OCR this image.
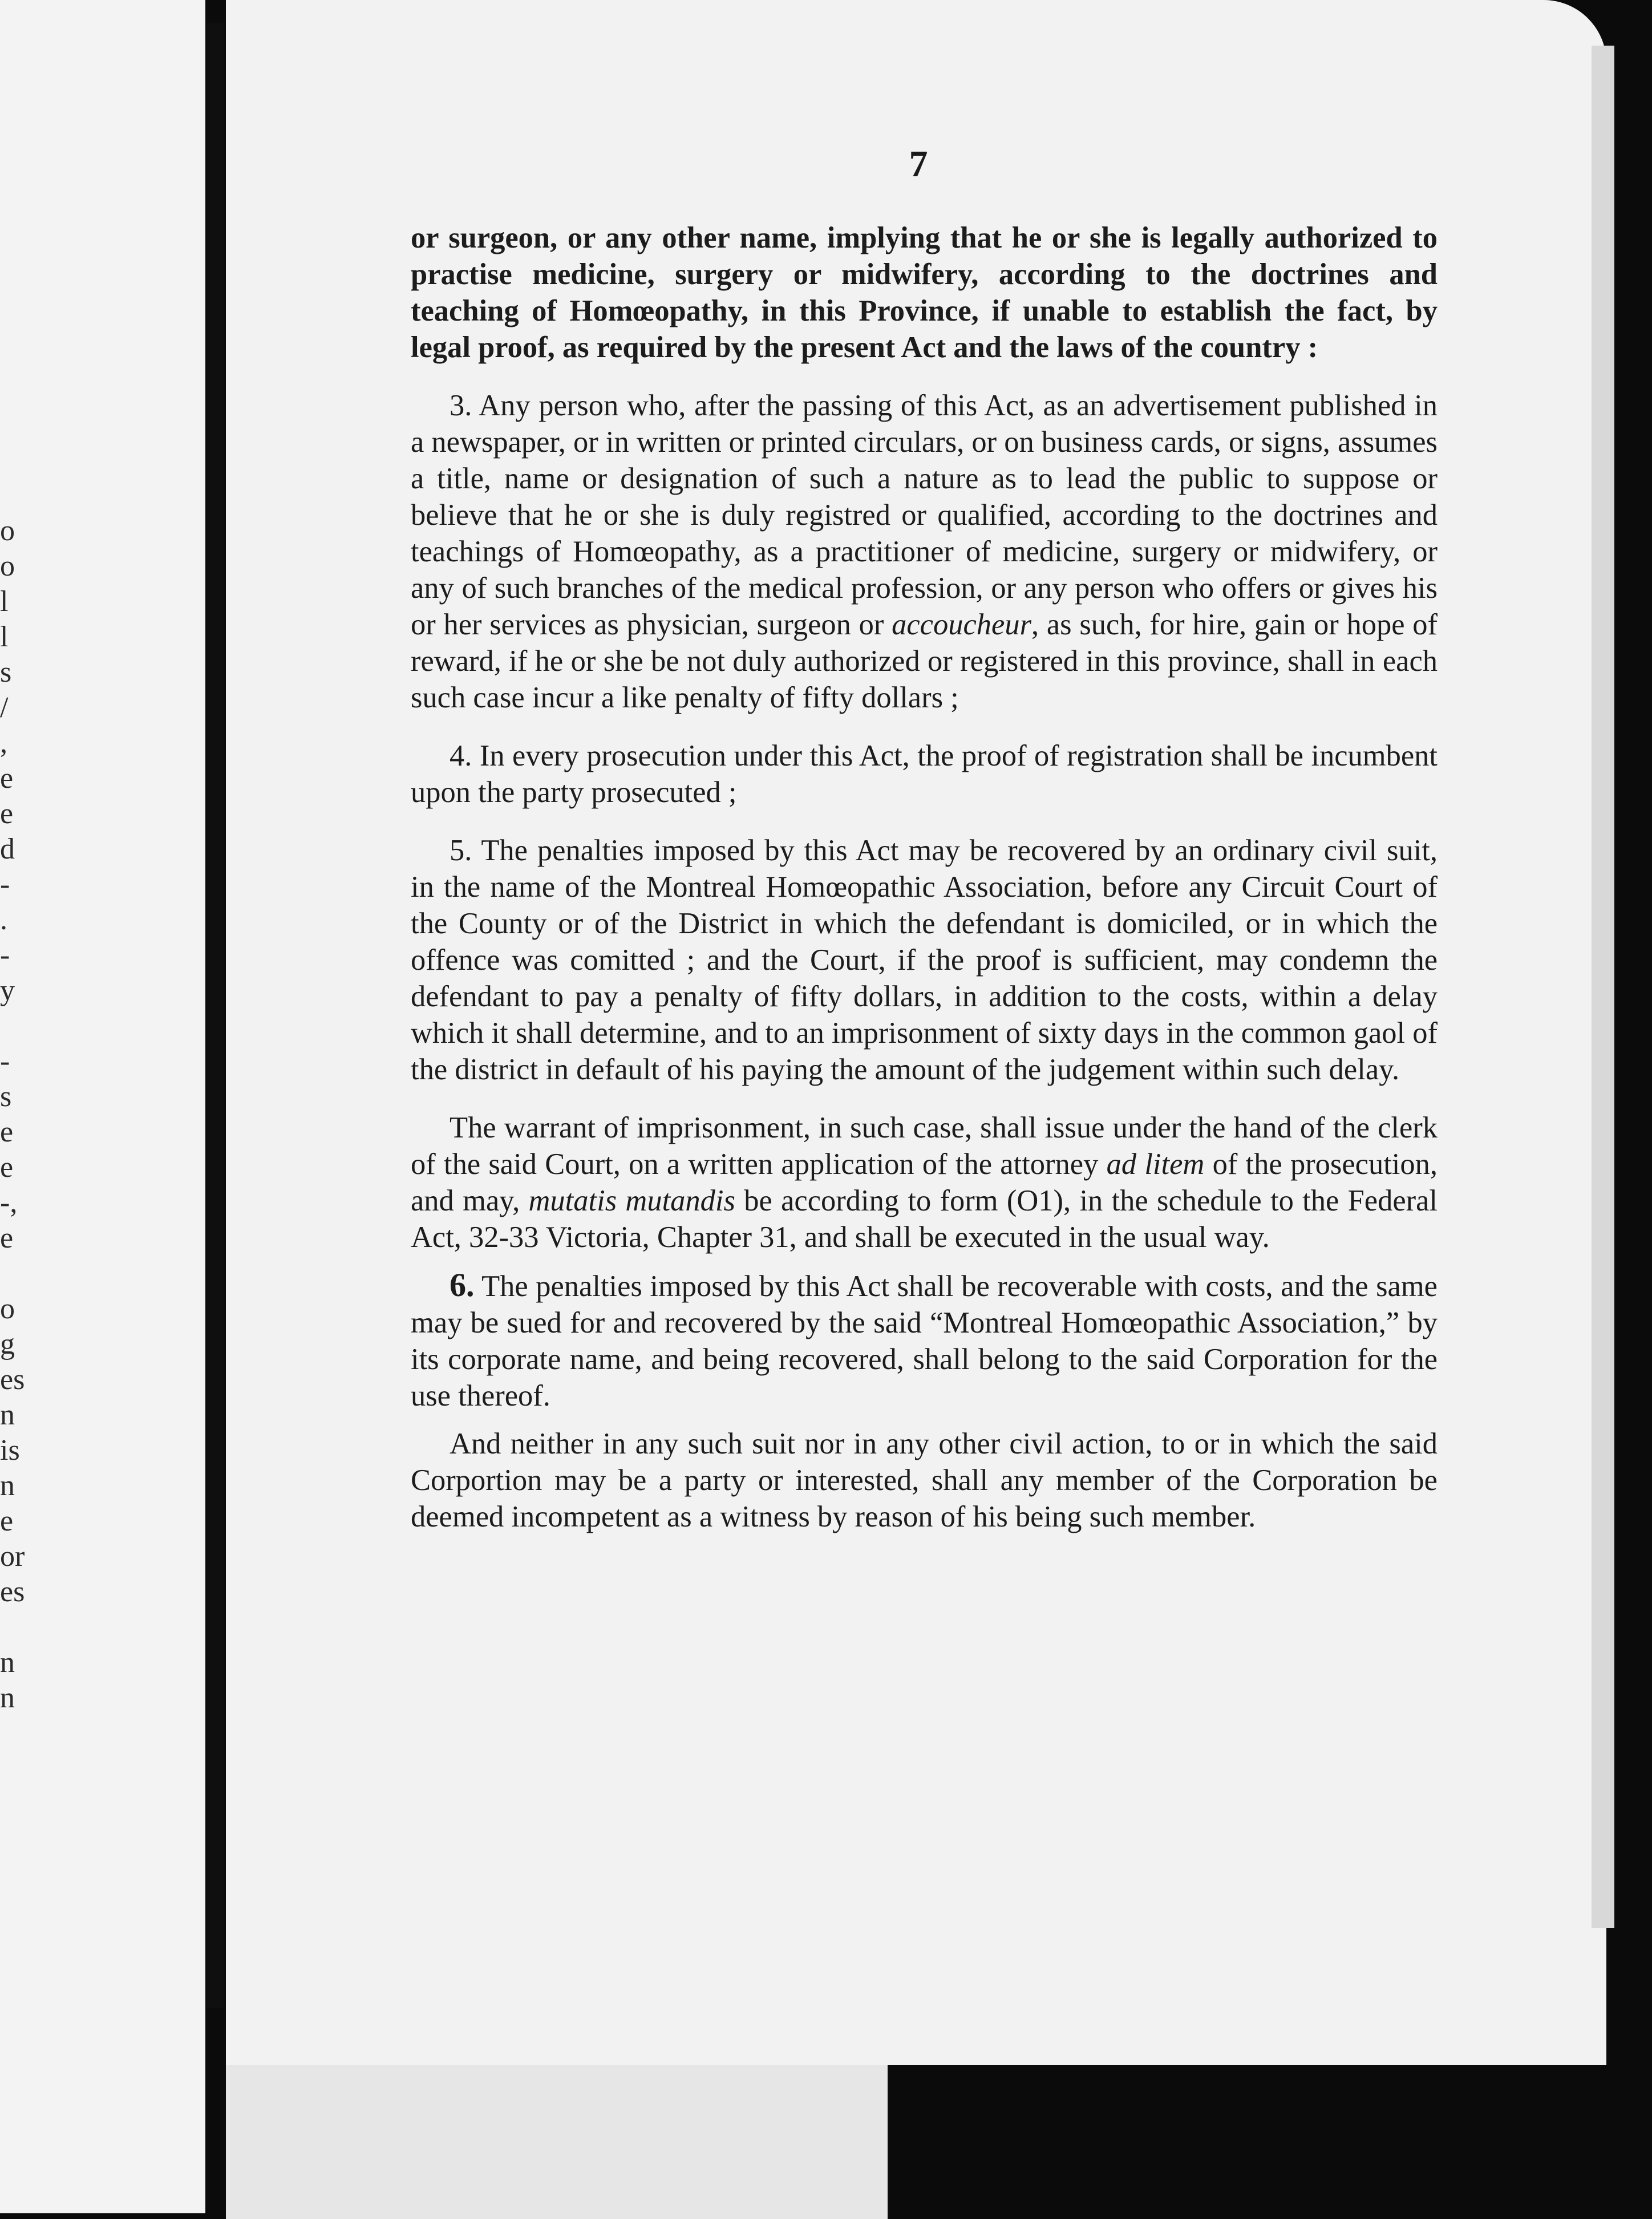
o
o
l
l
s
/
,
e
e
d
-
.
-
y
-
s
e
e
-,
e
o
g
es
n
is
n
e
or
es
n
n
7

or surgeon, or any other name, implying that he or she is legally authorized to practise medicine, surgery or midwifery, according to the doctrines and teaching of Homœopathy, in this Province, if unable to establish the fact, by legal proof, as required by the present Act and the laws of the country :

3. Any person who, after the passing of this Act, as an advertisement published in a newspaper, or in written or printed circulars, or on business cards, or signs, assumes a title, name or designation of such a nature as to lead the public to suppose or believe that he or she is duly registred or qualified, according to the doctrines and teachings of Homœopathy, as a practitioner of medicine, surgery or midwifery, or any of such branches of the medical profession, or any person who offers or gives his or her services as physician, surgeon or accoucheur, as such, for hire, gain or hope of reward, if he or she be not duly authorized or registered in this province, shall in each such case incur a like penalty of fifty dollars ;

4. In every prosecution under this Act, the proof of registration shall be incumbent upon the party prosecuted ;

5. The penalties imposed by this Act may be recovered by an ordinary civil suit, in the name of the Montreal Homœopathic Association, before any Circuit Court of the County or of the District in which the defendant is domiciled, or in which the offence was comitted ; and the Court, if the proof is sufficient, may condemn the defendant to pay a penalty of fifty dollars, in addition to the costs, within a delay which it shall determine, and to an imprisonment of sixty days in the common gaol of the district in default of his paying the amount of the judgement within such delay.

The warrant of imprisonment, in such case, shall issue under the hand of the clerk of the said Court, on a written application of the attorney ad litem of the prosecution, and may, mutatis mutandis be according to form (O1), in the schedule to the Federal Act, 32-33 Victoria, Chapter 31, and shall be executed in the usual way.

6. The penalties imposed by this Act shall be recoverable with costs, and the same may be sued for and recovered by the said “Montreal Homœopathic Association,” by its corporate name, and being recovered, shall belong to the said Corporation for the use thereof.

And neither in any such suit nor in any other civil action, to or in which the said Corportion may be a party or interested, shall any member of the Corporation be deemed incompetent as a witness by reason of his being such member.
